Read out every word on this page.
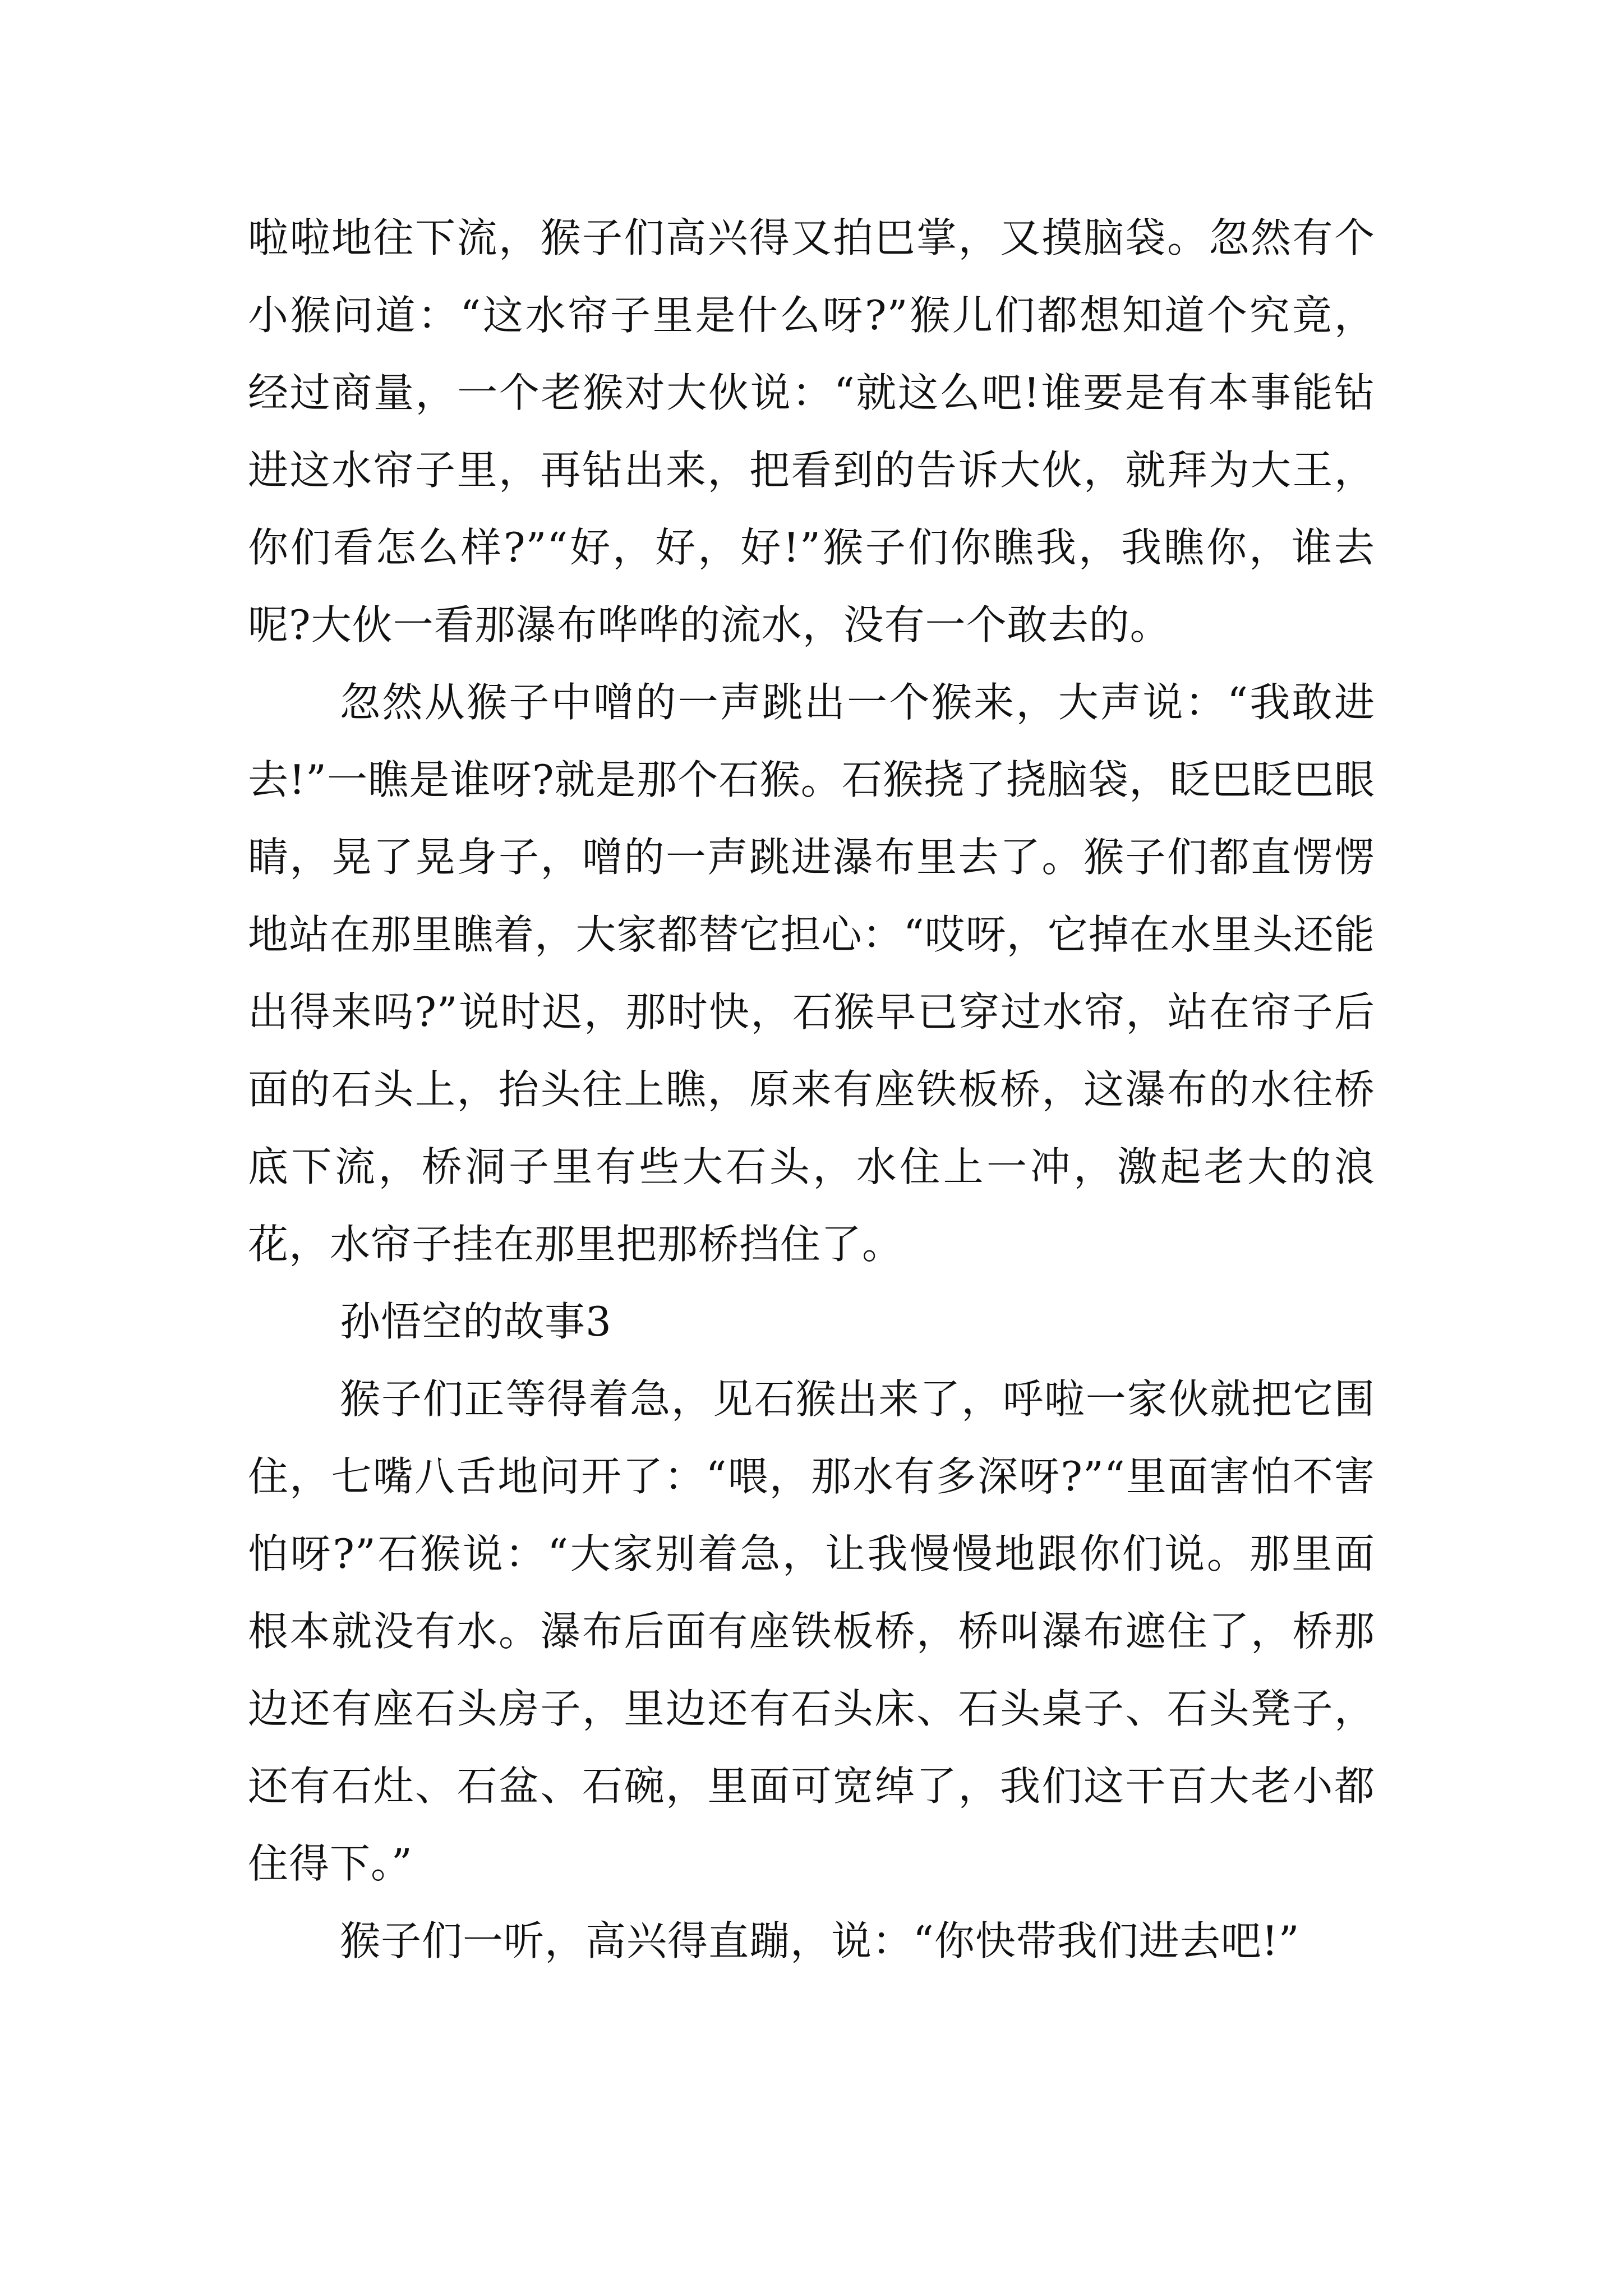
啦啦地往下流，猴子们高兴得又拍巴掌，又摸脑袋。忽然有个小猴问道：“这水帘子里是什么呀?”猴儿们都想知道个究竟，经过商量，一个老猴对大伙说：“就这么吧!谁要是有本事能钻进这水帘子里，再钻出来，把看到的告诉大伙，就拜为大王，你们看怎么样?”“好，好，好!”猴子们你瞧我，我瞧你，谁去呢?大伙一看那瀑布哗哗的流水，没有一个敢去的。

忽然从猴子中噌的一声跳出一个猴来，大声说：“我敢进去!”一瞧是谁呀?就是那个石猴。石猴挠了挠脑袋，眨巴眨巴眼睛，晃了晃身子，噌的一声跳进瀑布里去了。猴子们都直愣愣地站在那里瞧着，大家都替它担心：“哎呀，它掉在水里头还能出得来吗?”说时迟，那时快，石猴早已穿过水帘，站在帘子后面的石头上，抬头往上瞧，原来有座铁板桥，这瀑布的水往桥底下流，桥洞子里有些大石头，水住上一冲，激起老大的浪花，水帘子挂在那里把那桥挡住了。

孙悟空的故事3

猴子们正等得着急，见石猴出来了，呼啦一家伙就把它围住，七嘴八舌地问开了：“喂，那水有多深呀?”“里面害怕不害怕呀?”石猴说：“大家别着急，让我慢慢地跟你们说。那里面根本就没有水。瀑布后面有座铁板桥，桥叫瀑布遮住了，桥那边还有座石头房子，里边还有石头床、石头桌子、石头凳子，还有石灶、石盆、石碗，里面可宽绰了，我们这干百大老小都住得下。”

猴子们一听，高兴得直蹦，说：“你快带我们进去吧!”
